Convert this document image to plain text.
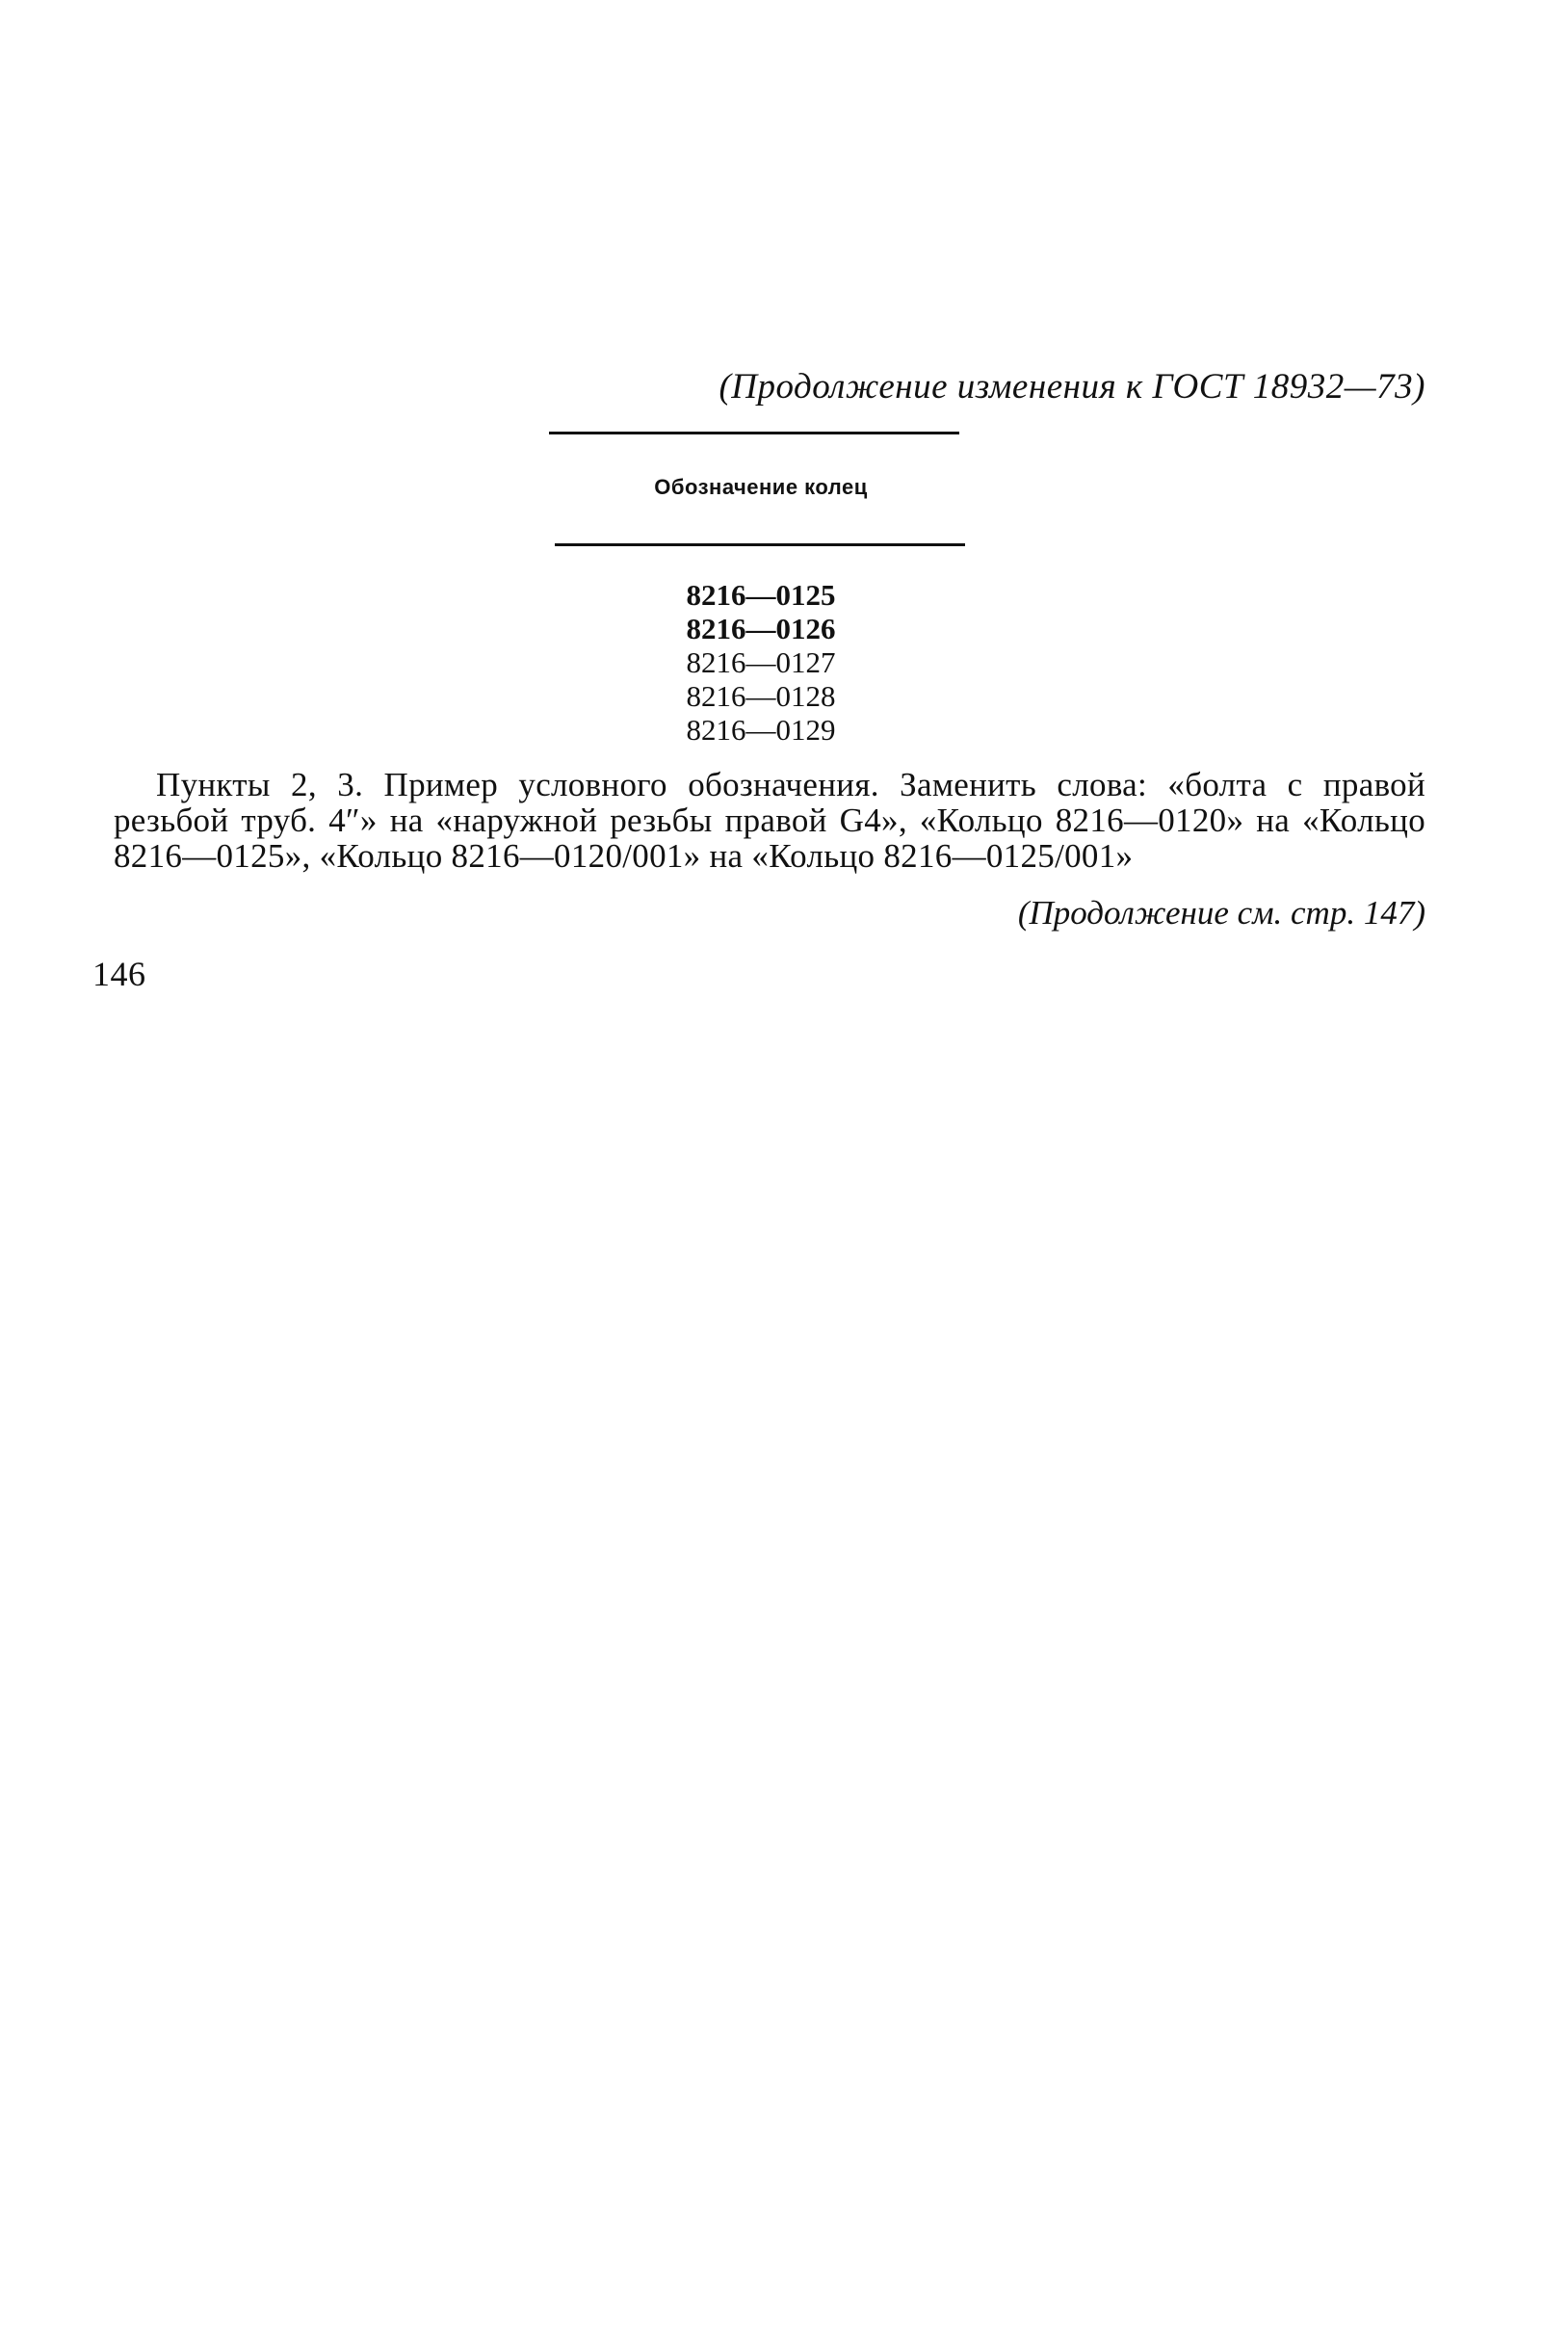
(Продолжение изменения к ГОСТ 18932—73)
Обозначение колец
8216—0125
8216—0126
8216—0127
8216—0128
8216—0129

Пункты 2, 3. Пример условного обозначения. Заменить слова: «болта с правой резьбой труб. 4″» на «наружной резьбы правой G4», «Кольцо 8216—0120» на «Кольцо 8216—0125», «Кольцо 8216—0120/001» на «Кольцо 8216—0125/001»

(Продолжение см. стр. 147)
146
